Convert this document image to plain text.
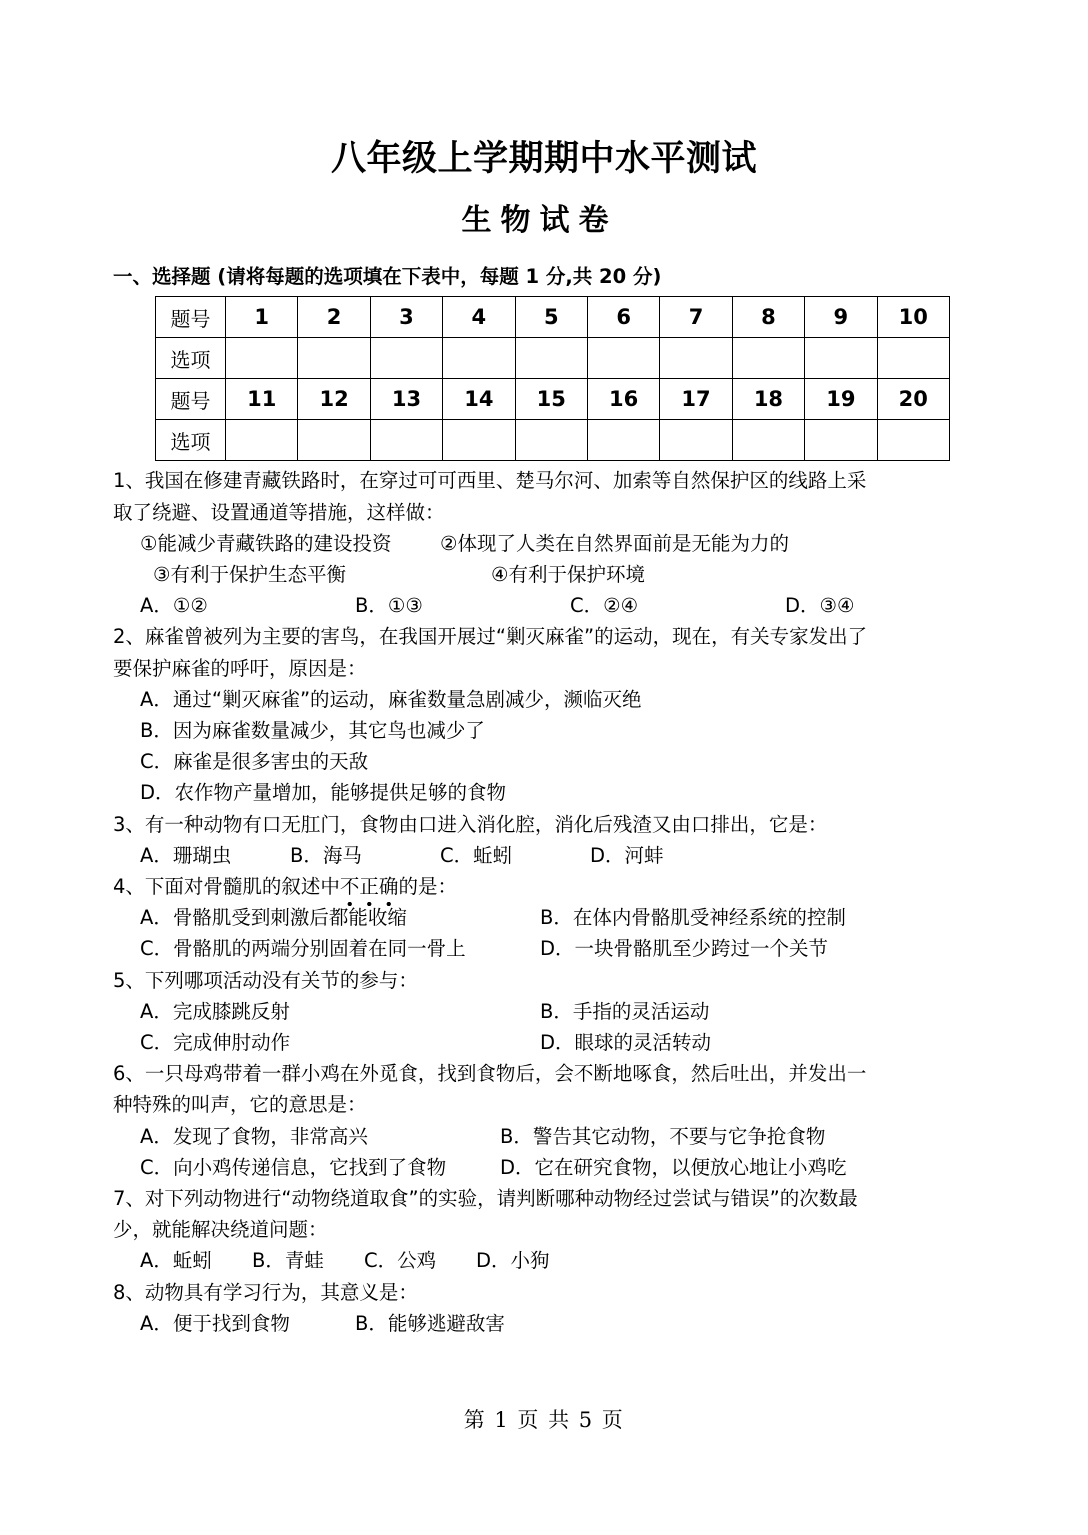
八年级上学期期中水平测试
生物试卷
一、选择题 (请将每题的选项填在下表中，每题 1 分,共 20 分)
题号	1	2	3	4	5	6	7	8	9	10
选项										
题号	11	12	13	14	15	16	17	18	19	20
选项										
1、我国在修建青藏铁路时，在穿过可可西里、楚马尔河、加索等自然保护区的线路上采
取了绕避、设置通道等措施，这样做：
①能减少青藏铁路的建设投资 ②体现了人类在自然界面前是无能为力的
③有利于保护生态平衡	④有利于保护环境
A．①②	B．①③	C．②④	D．③④
2、麻雀曾被列为主要的害鸟，在我国开展过“剿灭麻雀”的运动，现在，有关专家发出了
要保护麻雀的呼吁，原因是：
A．通过“剿灭麻雀”的运动，麻雀数量急剧减少，濒临灭绝
B．因为麻雀数量减少，其它鸟也减少了
C．麻雀是很多害虫的天敌
D．农作物产量增加，能够提供足够的食物
3、有一种动物有口无肛门，食物由口进入消化腔，消化后残渣又由口排出，它是：
A．珊瑚虫	B．海马	C．蚯蚓	D．河蚌
4、下面对骨髓肌的叙述中不正确的是：
A．骨骼肌受到刺激后都能收缩	B．在体内骨骼肌受神经系统的控制
C．骨骼肌的两端分别固着在同一骨上	D．一块骨骼肌至少跨过一个关节
5、下列哪项活动没有关节的参与：
A．完成膝跳反射	B．手指的灵活运动
C．完成伸肘动作	D．眼球的灵活转动
6、一只母鸡带着一群小鸡在外觅食，找到食物后，会不断地啄食，然后吐出，并发出一
种特殊的叫声，它的意思是：
A．发现了食物，非常高兴	B．警告其它动物，不要与它争抢食物
C．向小鸡传递信息，它找到了食物	D．它在研究食物，以便放心地让小鸡吃
7、对下列动物进行“动物绕道取食”的实验，请判断哪种动物经过尝试与错误”的次数最
少，就能解决绕道问题：
A．蚯蚓 B．青蛙 C．公鸡 D．小狗
8、动物具有学习行为，其意义是：
A．便于找到食物	B．能够逃避敌害
第 1 页 共 5 页
